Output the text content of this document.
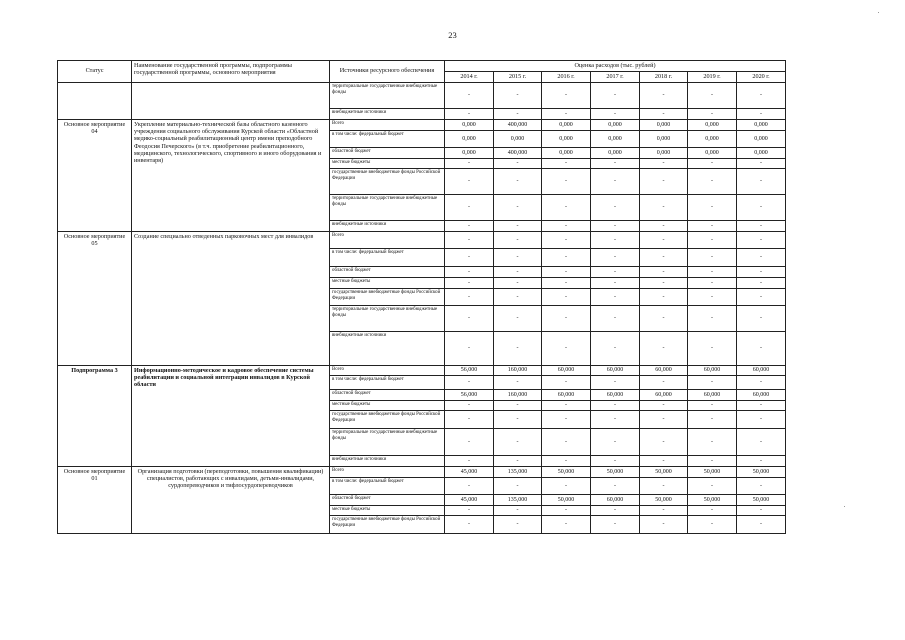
23
Статус	Наименование государственной программы, подпрограммы государственной программы, основного мероприятия	Источники ресурсного обеспечения	Оценка расходов (тыс. рублей)						
			2014 г.	2015 г.	2016 г.	2017 г.	2018 г.	2019 г.	2020 г.
		территориальные государственные внебюджетные фонды	-	-	-	-	-	-	-
		внебюджетные источники	-	-	-	-	-	-	-
Основное мероприятие 04	Укрепление материально-технической базы областного казенного учреждения социального обслуживания Курской области «Областной медико-социальный реабилитационный центр имени преподобного Феодосия Печерского» (в т.ч. приобретение реабилитационного, медицинского, технологического, спортивного и иного оборудования и инвентаря)	Всего	0,000	400,000	0,000	0,000	0,000	0,000	0,000
		в том числе: федеральный бюджет	0,000	0,000	0,000	0,000	0,000	0,000	0,000
		областной бюджет	0,000	400,000	0,000	0,000	0,000	0,000	0,000
		местные бюджеты	-	-	-	-	-	-	-
		государственные внебюджетные фонды Российской Федерации	-	-	-	-	-	-	-
		территориальные государственные внебюджетные фонды	-	-	-	-	-	-	-
		внебюджетные источники	-	-	-	-	-	-	-
Основное мероприятие 05	Создание специально отведенных парковочных мест для инвалидов	Всего	-	-	-	-	-	-	-
		в том числе: федеральный бюджет	-	-	-	-	-	-	-
		областной бюджет	-	-	-	-	-	-	-
		местные бюджеты	-	-	-	-	-	-	-
		государственные внебюджетные фонды Российской Федерации	-	-	-	-	-	-	-
		территориальные государственные внебюджетные фонды	-	-	-	-	-	-	-
		внебюджетные источники	-	-	-	-	-	-	-
Подпрограмма 3	Информационно-методическое и кадровое обеспечение системы реабилитации и социальной интеграции инвалидов в Курской области	Всего	56,000	160,000	60,000	60,000	60,000	60,000	60,000
		в том числе: федеральный бюджет	-	-	-	-	-	-	-
		областной бюджет	56,000	160,000	60,000	60,000	60,000	60,000	60,000
		местные бюджеты	-	-	-	-	-	-	-
		государственные внебюджетные фонды Российской Федерации	-	-	-	-	-	-	-
		территориальные государственные внебюджетные фонды	-	-	-	-	-	-	-
		внебюджетные источники	-	-	-	-	-	-	-
Основное мероприятие 01	Организация подготовки (переподготовки, повышения квалификации) специалистов, работающих с инвалидами, детьми-инвалидами, сурдопереводчиков и тифлосурдопереводчиков	Всего	45,000	135,000	50,000	50,000	50,000	50,000	50,000
		в том числе: федеральный бюджет	-	-	-	-	-	-	-
		областной бюджет	45,000	135,000	50,000	60,000	50,000	50,000	50,000
		местные бюджеты	-	-	-	-	-	-	-
		государственные внебюджетные фонды Российской Федерации	-	-	-	-	-	-	-
